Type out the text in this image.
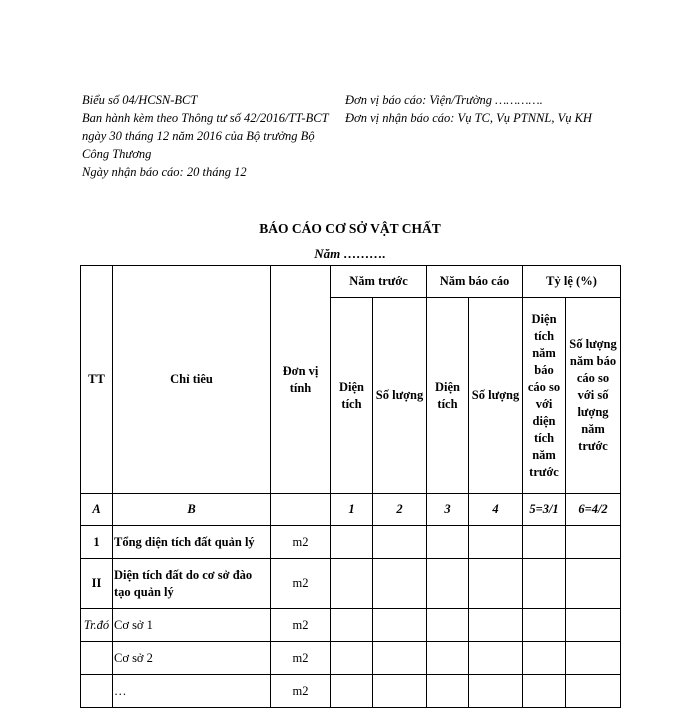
Biểu số 04/HCSN-BCT
Ban hành kèm theo Thông tư số 42/2016/TT-BCT ngày 30 tháng 12 năm 2016 của Bộ trưởng Bộ Công Thương
Ngày nhận báo cáo: 20 tháng 12
Đơn vị báo cáo: Viện/Trường ………….
Đơn vị nhận báo cáo: Vụ TC, Vụ PTNNL, Vụ KH
BÁO CÁO CƠ SỞ VẬT CHẤT
Năm ……….
TT	Chỉ tiêu	Đơn vị tính	Năm trước		Năm báo cáo		Tỷ lệ (%)	
			Diện tích	Số lượng	Diện tích	Số lượng	Diện tích năm báo cáo so với diện tích năm trước	Số lượng năm báo cáo so với số lượng năm trước
A	B		1	2	3	4	5=3/1	6=4/2
1	Tổng diện tích đất quản lý	m2						
II	Diện tích đất do cơ sở đào tạo quản lý	m2						
Tr.đó	Cơ sở 1	m2						
	Cơ sở 2	m2						
	…	m2						
